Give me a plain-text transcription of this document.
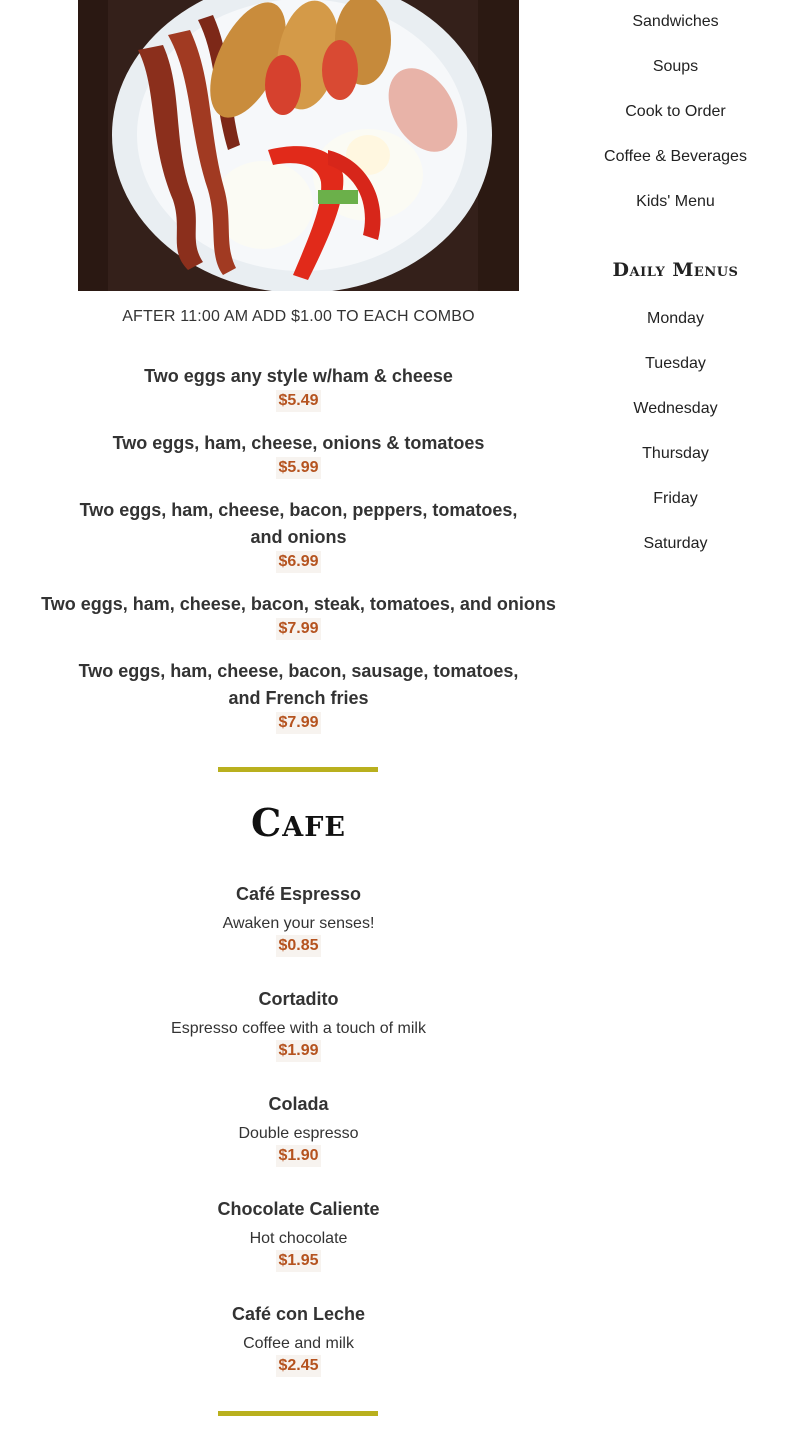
AFTER 11:00 AM ADD $1.00 TO EACH COMBO
Two eggs any style w/ham & cheese
$5.49
Two eggs, ham, cheese, onions & tomatoes
$5.99
Two eggs, ham, cheese, bacon, peppers, tomatoes, and onions
$6.99
Two eggs, ham, cheese, bacon, steak, tomatoes, and onions
$7.99
Two eggs, ham, cheese, bacon, sausage, tomatoes, and French fries
$7.99
Cafe
Café Espresso
Awaken your senses!
$0.85
Cortadito
Espresso coffee with a touch of milk
$1.99
Colada
Double espresso
$1.90
Chocolate Caliente
Hot chocolate
$1.95
Café con Leche
Coffee and milk
$2.45
Sandwiches
Soups
Cook to Order
Coffee & Beverages
Kids' Menu
Daily Menus
Monday
Tuesday
Wednesday
Thursday
Friday
Saturday
